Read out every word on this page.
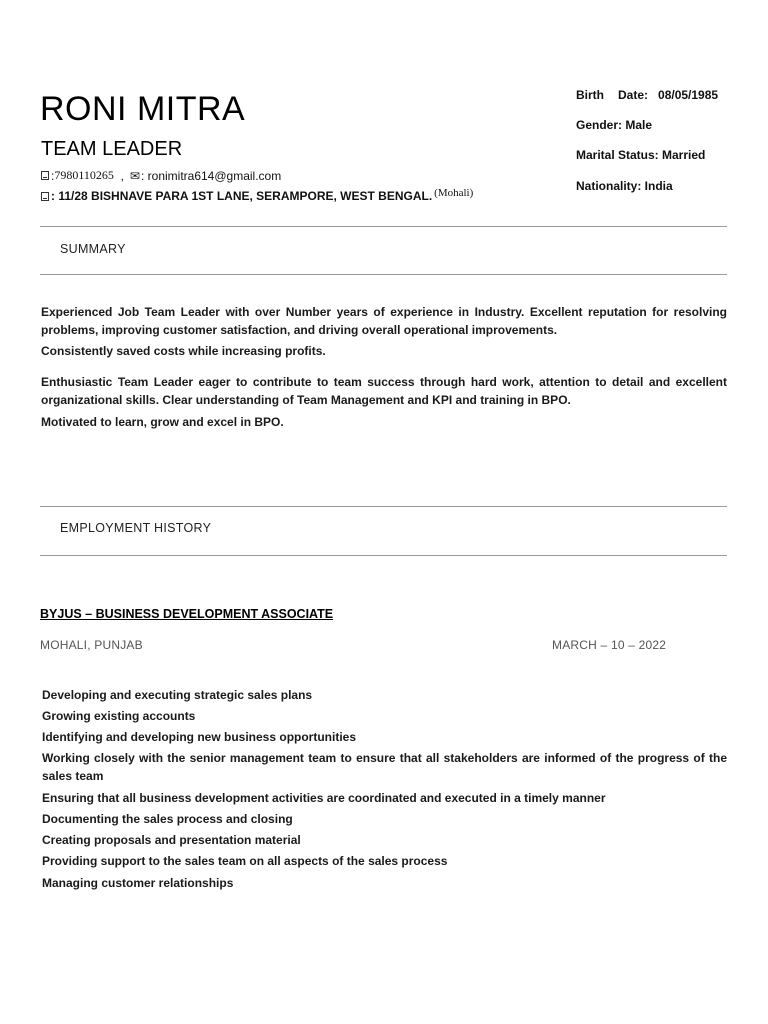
RONI MITRA
TEAM LEADER
: 7980110265 , ✉ : ronimitra614@gmail.com
: 11/28 BISHNAVE PARA 1ST LANE, SERAMPORE, WEST BENGAL. (Mohali)
Birth Date: 08/05/1985
Gender: Male
Marital Status: Married
Nationality: India
SUMMARY
Experienced Job Team Leader with over Number years of experience in Industry. Excellent reputation for resolving
problems, improving customer satisfaction, and driving overall operational improvements.
Consistently saved costs while increasing profits.
Enthusiastic Team Leader eager to contribute to team success through hard work, attention to detail and excellent
organizational skills. Clear understanding of Team Management and KPI and training in BPO.
Motivated to learn, grow and excel in BPO.
EMPLOYMENT HISTORY
BYJUS – BUSINESS DEVELOPMENT ASSOCIATE
MOHALI, PUNJAB	MARCH – 10 – 2022
Developing and executing strategic sales plans
Growing existing accounts
Identifying and developing new business opportunities
Working closely with the senior management team to ensure that all stakeholders are informed of the progress of the
sales team
Ensuring that all business development activities are coordinated and executed in a timely manner
Documenting the sales process and closing
Creating proposals and presentation material
Providing support to the sales team on all aspects of the sales process
Managing customer relationships
